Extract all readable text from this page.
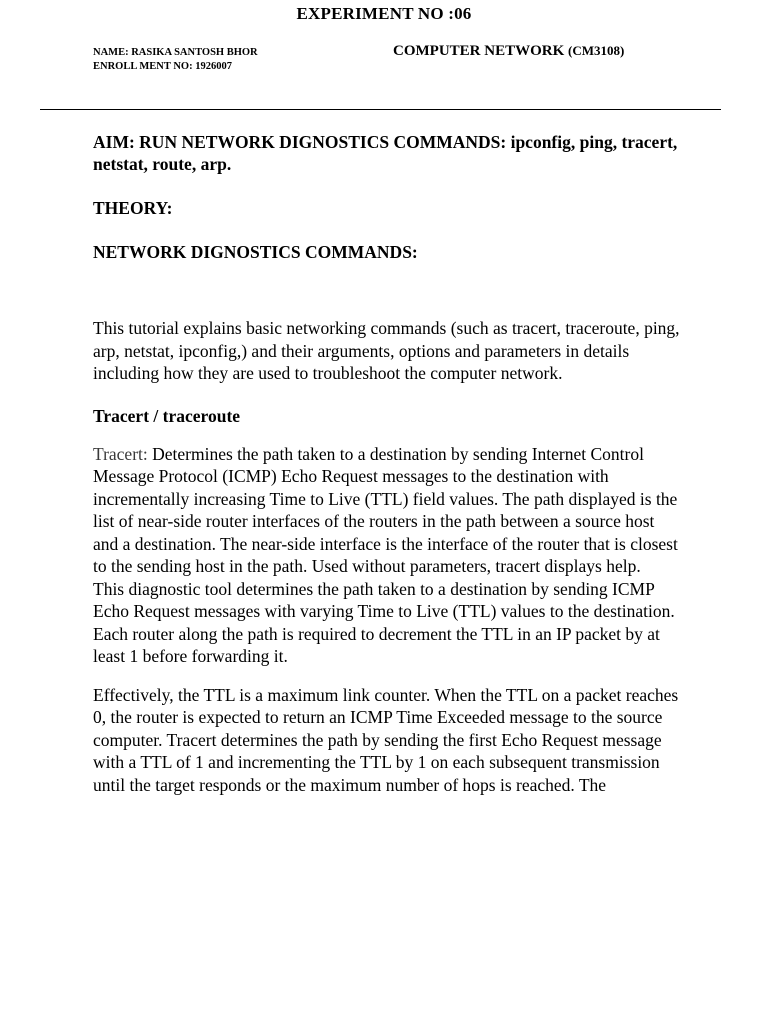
EXPERIMENT NO :06
NAME: RASIKA SANTOSH BHOR
ENROLL MENT NO: 1926007
COMPUTER NETWORK (CM3108)

AIM: RUN NETWORK DIGNOSTICS COMMANDS: ipconfig, ping, tracert, netstat, route, arp.

THEORY:

NETWORK DIGNOSTICS COMMANDS:

This tutorial explains basic networking commands (such as tracert, traceroute, ping, arp, netstat, ipconfig,) and their arguments, options and parameters in details including how they are used to troubleshoot the computer network.

Tracert / traceroute

Tracert: Determines the path taken to a destination by sending Internet Control Message Protocol (ICMP) Echo Request messages to the destination with incrementally increasing Time to Live (TTL) field values. The path displayed is the list of near-side router interfaces of the routers in the path between a source host and a destination. The near-side interface is the interface of the router that is closest to the sending host in the path. Used without parameters, tracert displays help.

This diagnostic tool determines the path taken to a destination by sending ICMP Echo Request messages with varying Time to Live (TTL) values to the destination. Each router along the path is required to decrement the TTL in an IP packet by at least 1 before forwarding it.

Effectively, the TTL is a maximum link counter. When the TTL on a packet reaches 0, the router is expected to return an ICMP Time Exceeded message to the source computer. Tracert determines the path by sending the first Echo Request message with a TTL of 1 and incrementing the TTL by 1 on each subsequent transmission until the target responds or the maximum number of hops is reached. The
